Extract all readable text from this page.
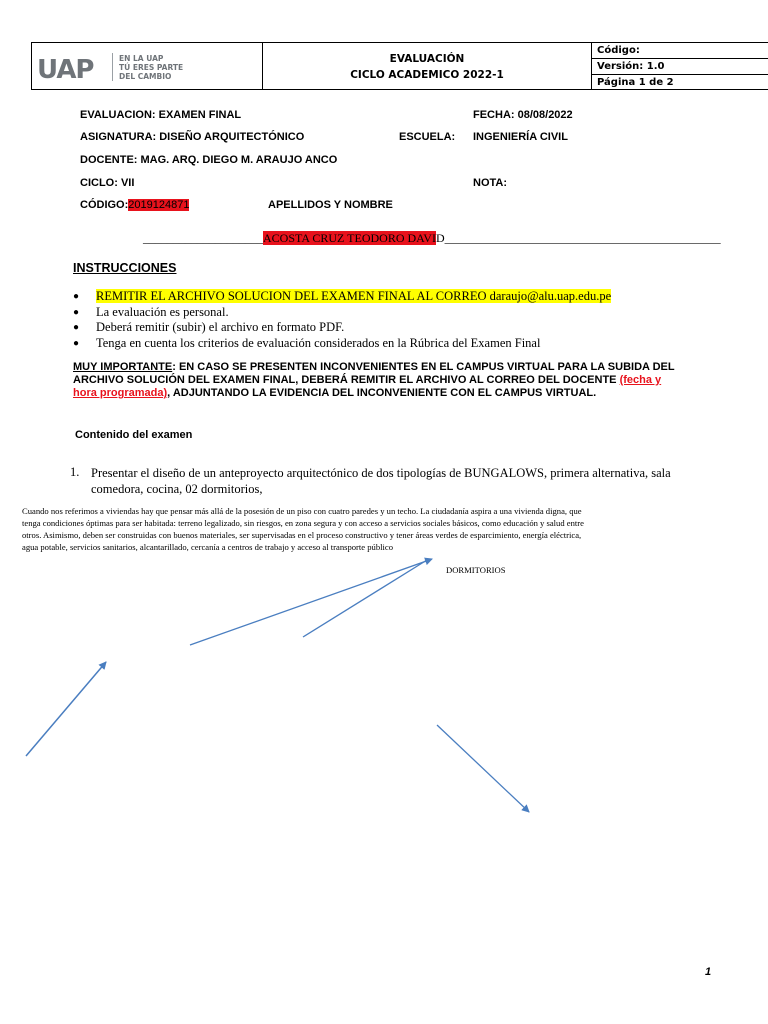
UAP	EN LA UAP
TÚ ERES PARTE
DEL CAMBIO
EVALUACIÓN
CICLO ACADEMICO 2022-1
Código:
Versión: 1.0
Página 1 de 2
EVALUACION: EXAMEN FINAL	FECHA: 08/08/2022
ASIGNATURA: DISEÑO ARQUITECTÓNICO	ESCUELA: INGENIERÍA CIVIL
DOCENTE: MAG. ARQ. DIEGO M. ARAUJO ANCO
CICLO: VII	NOTA:
CÓDIGO:2019124871	APELLIDOS Y NOMBRE
____________________ACOSTA CRUZ TEODORO DAVID______________________________________________
INSTRUCCIONES
● REMITIR EL ARCHIVO SOLUCION DEL EXAMEN FINAL AL CORREO daraujo@alu.uap.edu.pe
● La evaluación es personal.
● Deberá remitir (subir) el archivo en formato PDF.
● Tenga en cuenta los criterios de evaluación considerados en la Rúbrica del Examen Final
MUY IMPORTANTE: EN CASO SE PRESENTEN INCONVENIENTES EN EL CAMPUS VIRTUAL PARA LA SUBIDA DEL
ARCHIVO SOLUCIÓN DEL EXAMEN FINAL, DEBERÁ REMITIR EL ARCHIVO AL CORREO DEL DOCENTE (fecha y
hora programada), ADJUNTANDO LA EVIDENCIA DEL INCONVENIENTE CON EL CAMPUS VIRTUAL.
Contenido del examen
1. Presentar el diseño de un anteproyecto arquitectónico de dos tipologías de BUNGALOWS, primera alternativa, sala
comedora, cocina, 02 dormitorios,
Cuando nos referimos a viviendas hay que pensar más allá de la posesión de un piso con cuatro paredes y un techo. La ciudadanía aspira a una vivienda digna, que
tenga condiciones óptimas para ser habitada: terreno legalizado, sin riesgos, en zona segura y con acceso a servicios sociales básicos, como educación y salud entre
otros. Asimismo, deben ser construidas con buenos materiales, ser supervisadas en el proceso constructivo y tener áreas verdes de esparcimiento, energía eléctrica,
agua potable, servicios sanitarios, alcantarillado, cercanía a centros de trabajo y acceso al transporte público
DORMITORIOS
1
